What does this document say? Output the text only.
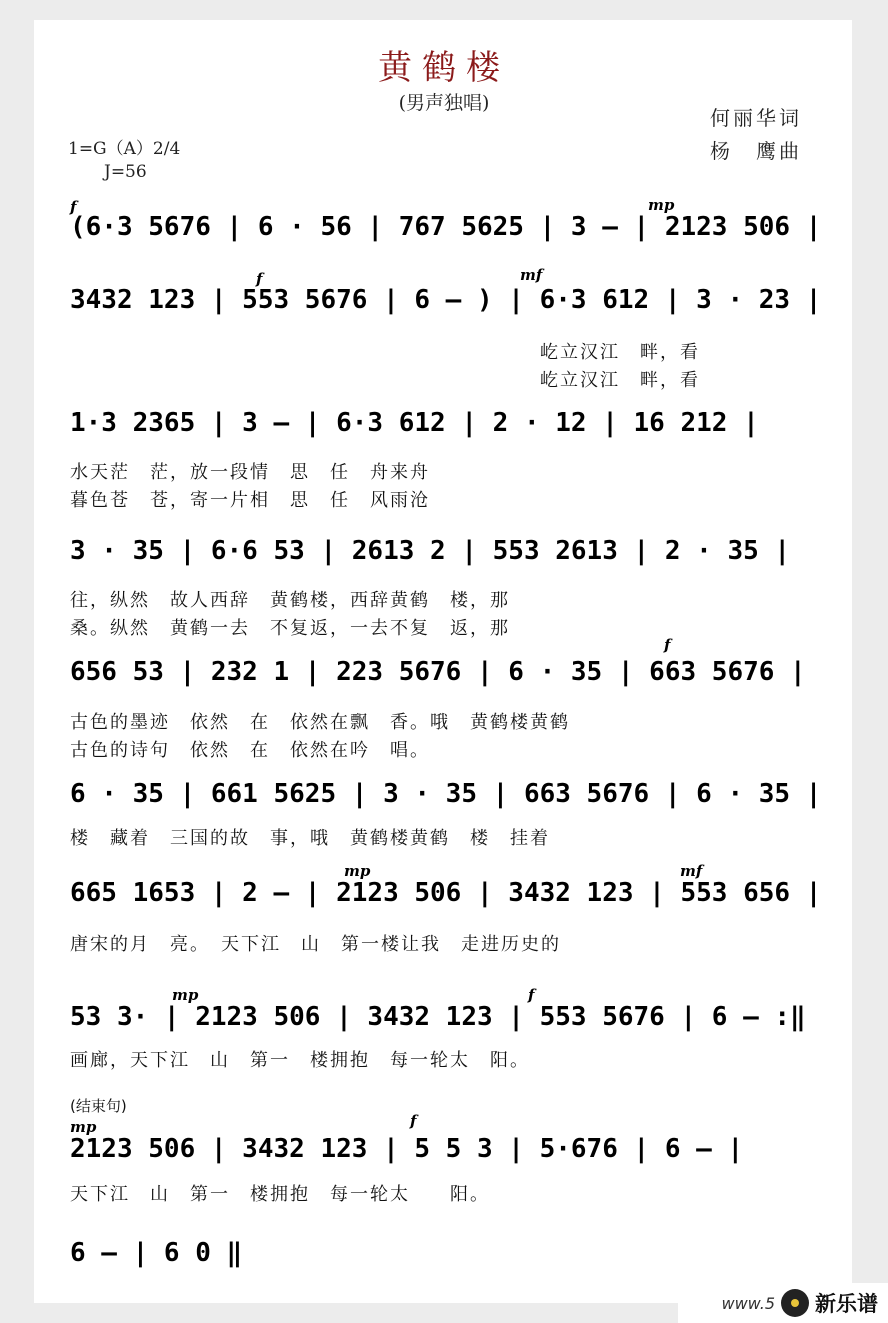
黄鹤楼
(男声独唱)
1=G（A）2/4
J=56
何丽华词
杨　鹰曲
f	mp
f	mf
f
mp	mf
mp	f
mp	f
(6·3 5676 | 6 · 56 | 767 5625 | 3 – | 2123 506 |
3432 123 | 553 5676 | 6 – ) | 6·3 612 | 3 · 23 |
屹立汉江　畔，看
屹立汉江　畔，看
1·3 2365 | 3 – | 6·3 612 | 2 · 12 | 16 212 |
水天茫　茫，放一段情　思　任　舟来舟
暮色苍　苍，寄一片相　思　任　风雨沧
3 · 35 | 6·6 53 | 2613 2 | 553 2613 | 2 · 35 |
往，纵然　故人西辞　黄鹤楼，西辞黄鹤　楼，那
桑。纵然　黄鹤一去　不复返，一去不复　返，那
656 53 | 232 1 | 223 5676 | 6 · 35 | 663 5676 |
古色的墨迹　依然　在　依然在飘　香。哦　黄鹤楼黄鹤
古色的诗句　依然　在　依然在吟　唱。
6 · 35 | 661 5625 | 3 · 35 | 663 5676 | 6 · 35 |
楼　藏着　三国的故　事，哦　黄鹤楼黄鹤　楼　挂着
665 1653 | 2 – | 2123 506 | 3432 123 | 553 656 |
唐宋的月　亮。　天下江　山　第一楼让我　走进历史的
53 3· | 2123 506 | 3432 123 | 553 5676 | 6 – :‖
画廊，天下江　山　第一　楼拥抱　每一轮太　阳。
(结束句)
2123 506 | 3432 123 | 5 5 3 | 5·676 | 6 – |
天下江　山　第一　楼拥抱　每一轮太　　阳。
6 – | 6 0 ‖
www.5 新乐谱
